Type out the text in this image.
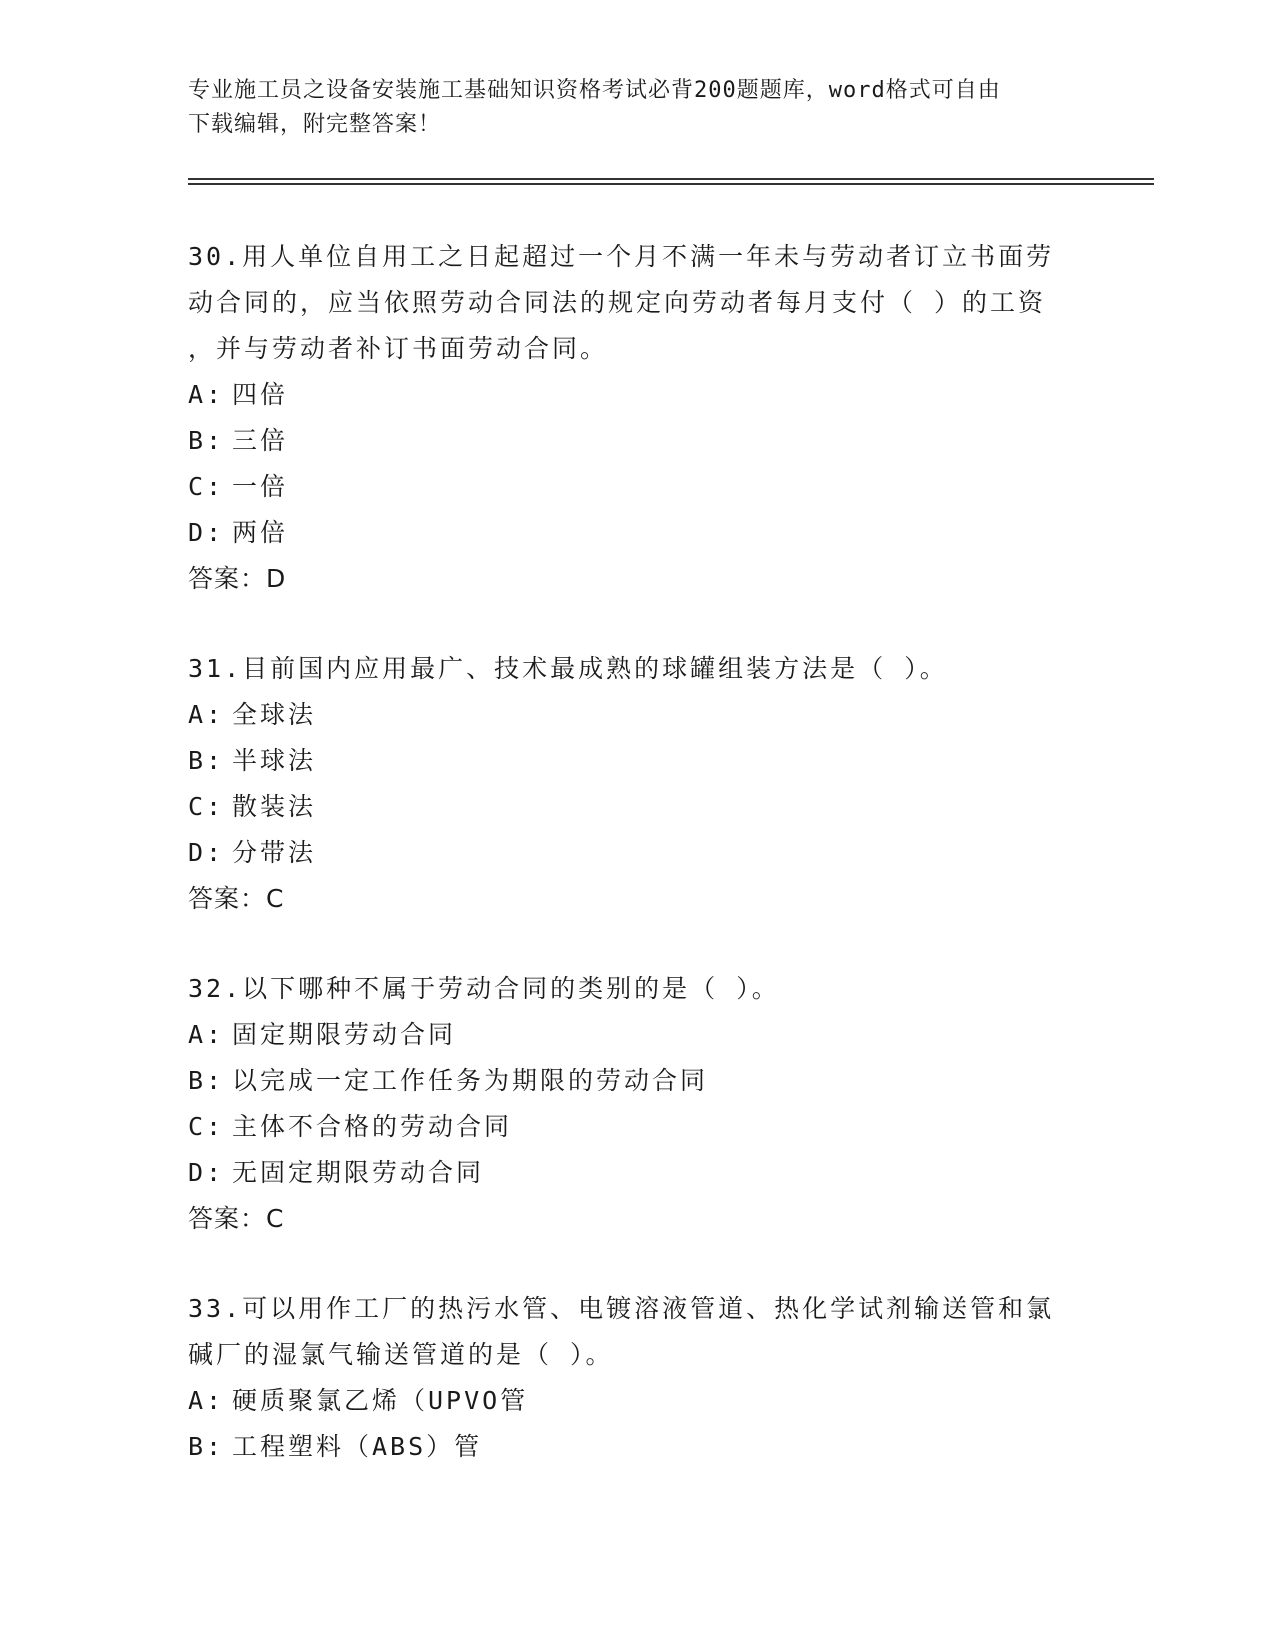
专业施工员之设备安装施工基础知识资格考试必背200题题库，word格式可自由
下载编辑，附完整答案！
30.用人单位自用工之日起超过一个月不满一年未与劳动者订立书面劳
动合同的，应当依照劳动合同法的规定向劳动者每月支付（ ）的工资
，并与劳动者补订书面劳动合同。
A: 四倍
B: 三倍
C: 一倍
D: 两倍
答案：D
31.目前国内应用最广、技术最成熟的球罐组装方法是（ ）。
A: 全球法
B: 半球法
C: 散装法
D: 分带法
答案：C
32.以下哪种不属于劳动合同的类别的是（ ）。
A: 固定期限劳动合同
B: 以完成一定工作任务为期限的劳动合同
C: 主体不合格的劳动合同
D: 无固定期限劳动合同
答案：C
33.可以用作工厂的热污水管、电镀溶液管道、热化学试剂输送管和氯
碱厂的湿氯气输送管道的是（ ）。
A: 硬质聚氯乙烯（UPVO管
B: 工程塑料（ABS）管
